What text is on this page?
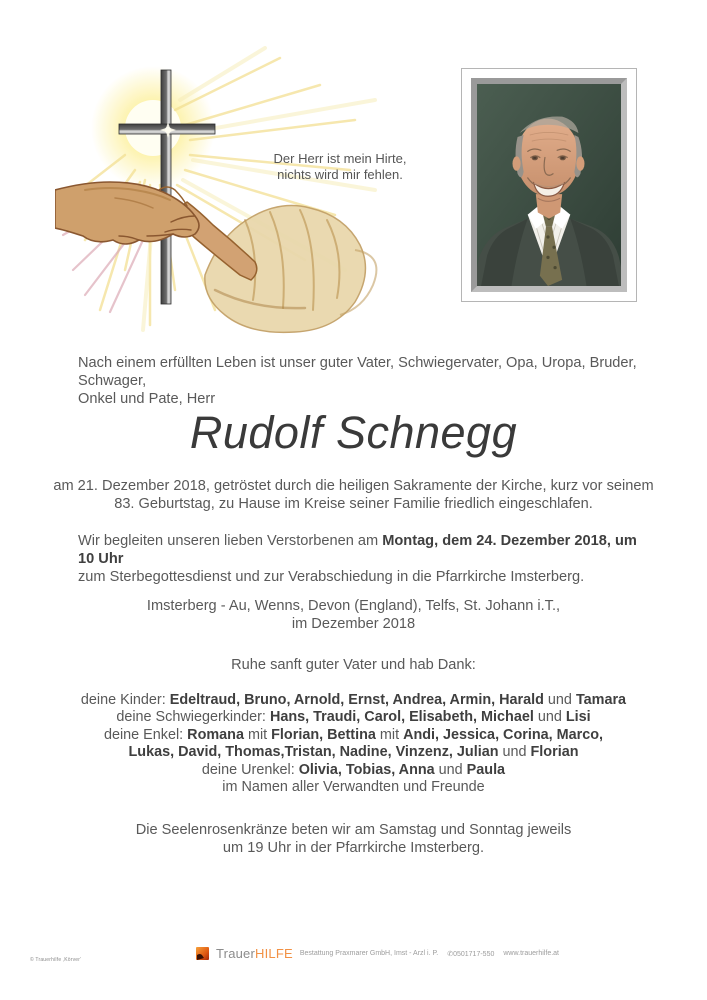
Der Herr ist mein Hirte,
nichts wird mir fehlen.
Nach einem erfüllten Leben ist unser guter Vater, Schwiegervater, Opa, Uropa, Bruder, Schwager,
Onkel und Pate, Herr
Rudolf Schnegg
am 21. Dezember 2018, getröstet durch die heiligen Sakramente der Kirche, kurz vor seinem
83. Geburtstag, zu Hause im Kreise seiner Familie friedlich eingeschlafen.
Wir begleiten unseren lieben Verstorbenen am Montag, dem 24. Dezember 2018, um 10 Uhr
zum Sterbegottesdienst und zur Verabschiedung in die Pfarrkirche Imsterberg.
Imsterberg - Au, Wenns, Devon (England), Telfs, St. Johann i.T.,
im Dezember 2018
Ruhe sanft guter Vater und hab Dank:
deine Kinder: Edeltraud, Bruno, Arnold, Ernst, Andrea, Armin, Harald und Tamara
deine Schwiegerkinder: Hans, Traudi, Carol, Elisabeth, Michael und Lisi
deine Enkel: Romana mit Florian, Bettina mit Andi, Jessica, Corina, Marco,
Lukas, David, Thomas,Tristan, Nadine, Vinzenz, Julian und Florian
deine Urenkel: Olivia, Tobias, Anna und Paula
im Namen aller Verwandten und Freunde
Die Seelenrosenkränze beten wir am Samstag und Sonntag jeweils
um 19 Uhr in der Pfarrkirche Imsterberg.
TrauerHILFE Bestattung Praxmarer GmbH, Imst - Arzl i. P. ✆0501717-550 www.trauerhilfe.at
© Trauerhilfe ‚Körver‘
